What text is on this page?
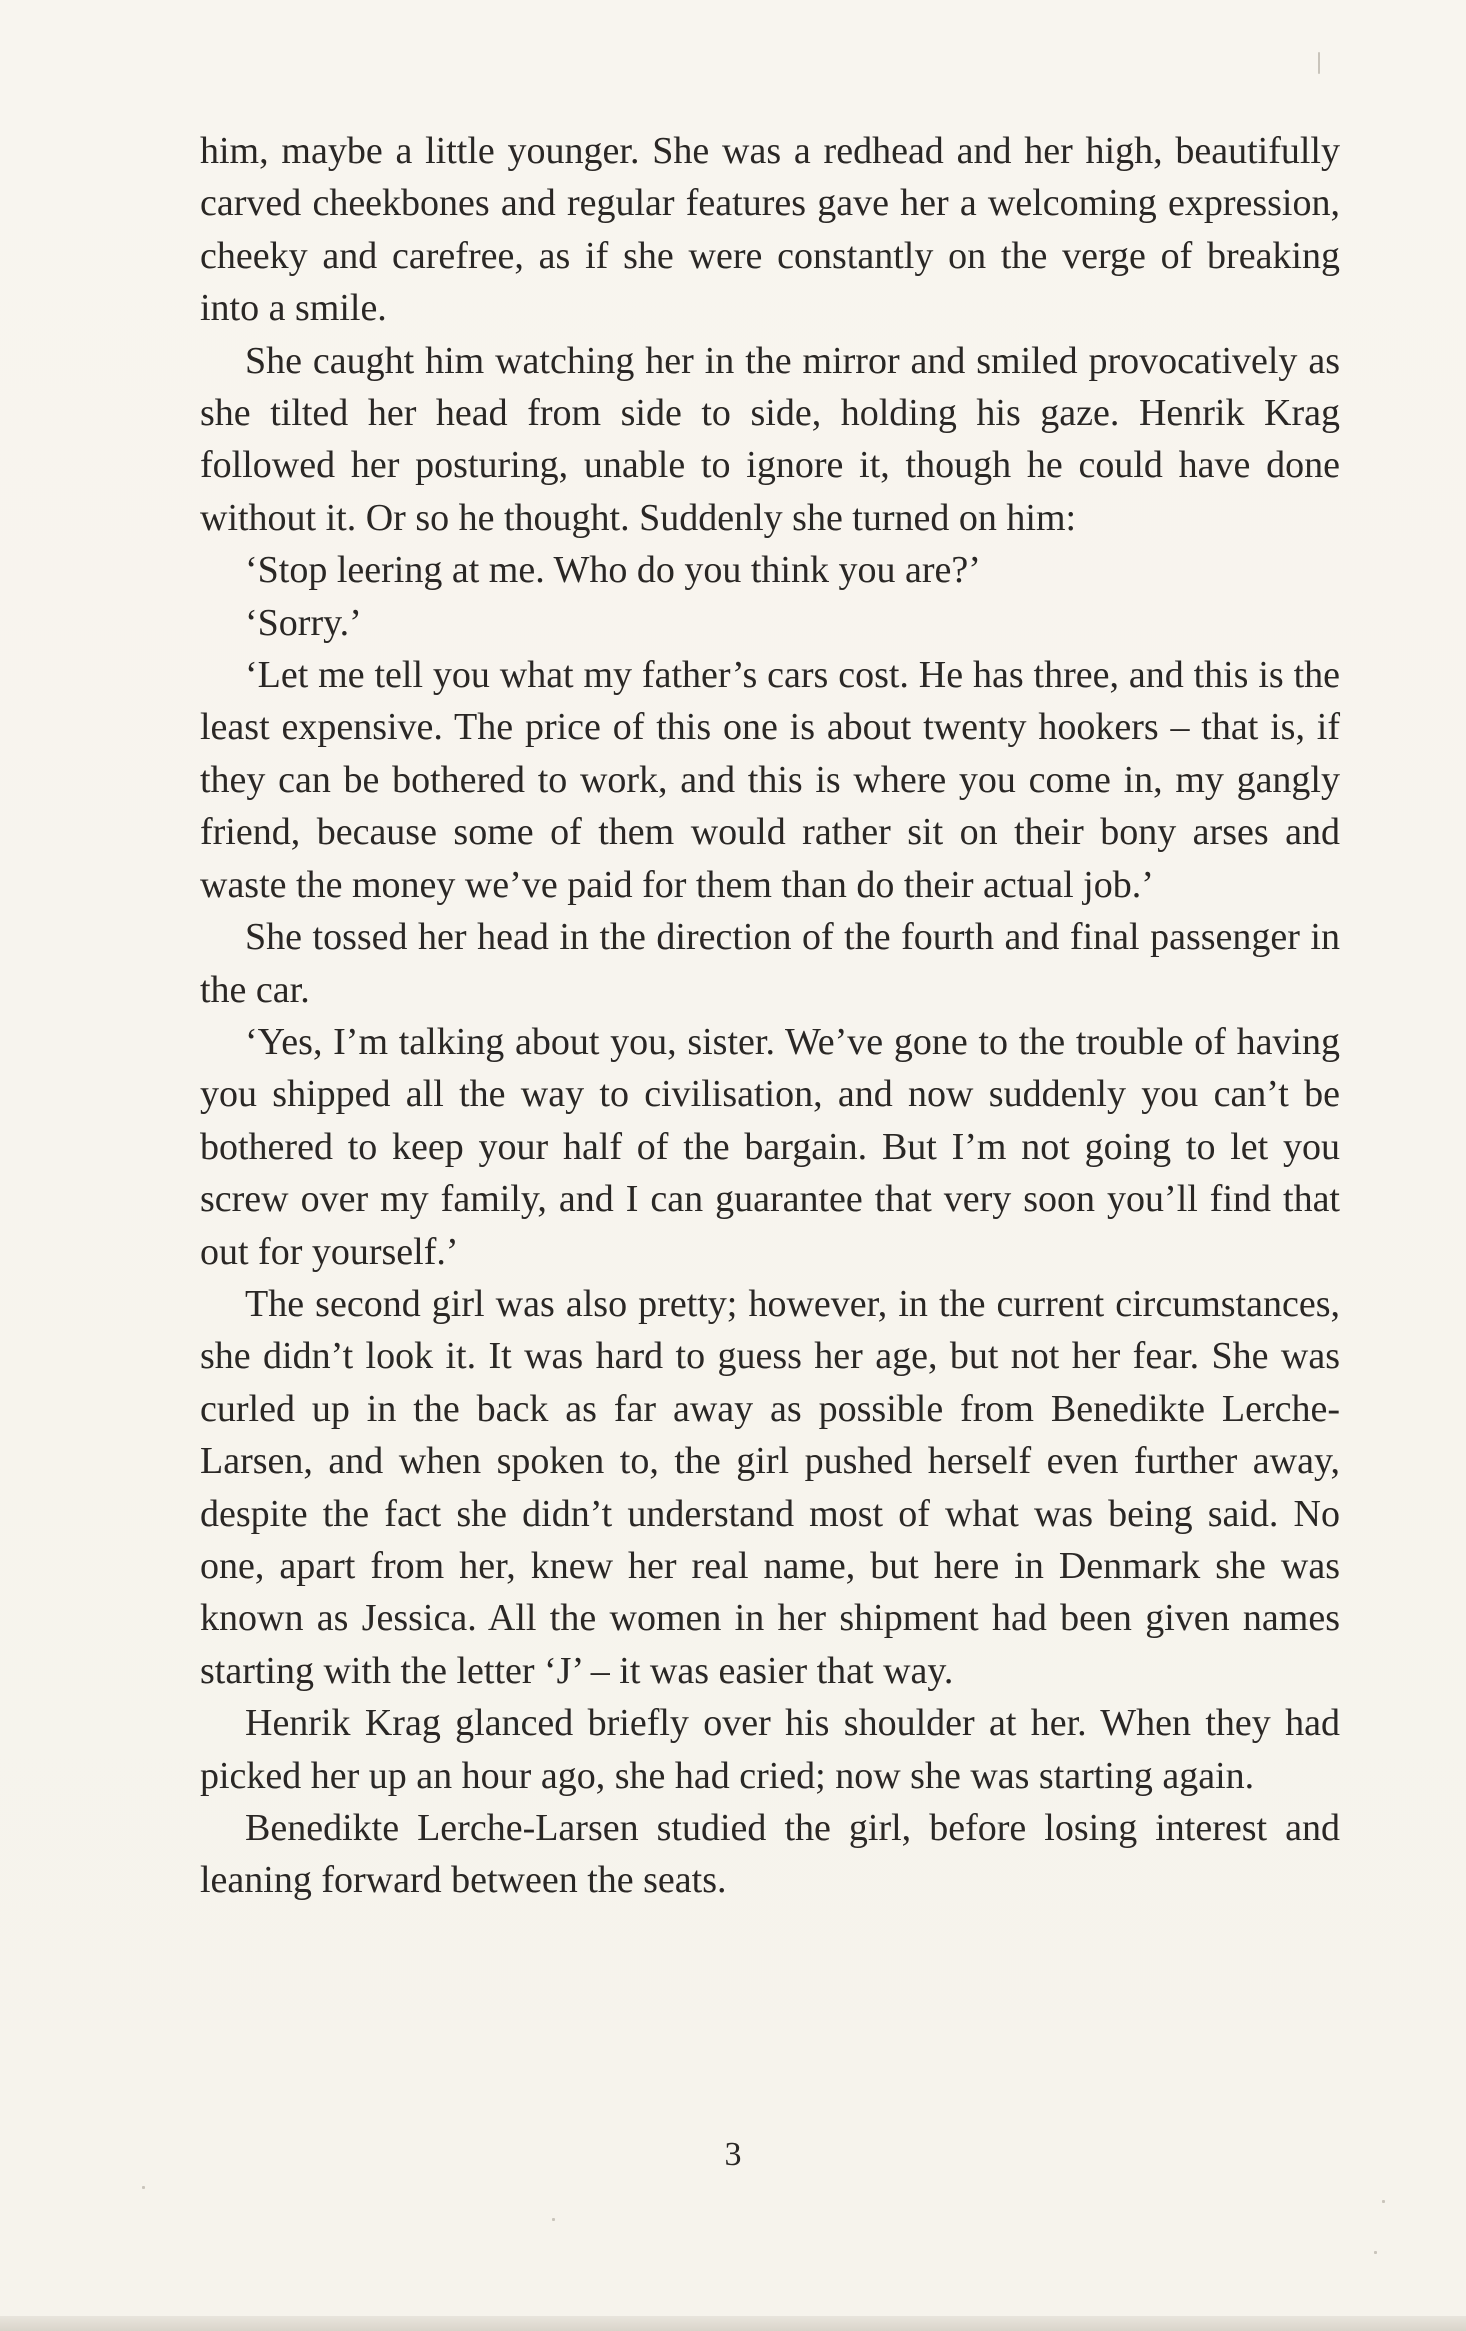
him, maybe a little younger. She was a redhead and her high, beautifully carved cheekbones and regular features gave her a welcoming expression, cheeky and carefree, as if she were constantly on the verge of breaking into a smile.

She caught him watching her in the mirror and smiled provocatively as she tilted her head from side to side, holding his gaze. Henrik Krag followed her posturing, unable to ignore it, though he could have done without it. Or so he thought. Suddenly she turned on him:

‘Stop leering at me. Who do you think you are?’

‘Sorry.’

‘Let me tell you what my father’s cars cost. He has three, and this is the least expensive. The price of this one is about twenty hookers – that is, if they can be bothered to work, and this is where you come in, my gangly friend, because some of them would rather sit on their bony arses and waste the money we’ve paid for them than do their actual job.’

She tossed her head in the direction of the fourth and final passenger in the car.

‘Yes, I’m talking about you, sister. We’ve gone to the trouble of having you shipped all the way to civilisation, and now suddenly you can’t be bothered to keep your half of the bargain. But I’m not going to let you screw over my family, and I can guarantee that very soon you’ll find that out for yourself.’

The second girl was also pretty; however, in the current circumstances, she didn’t look it. It was hard to guess her age, but not her fear. She was curled up in the back as far away as possible from Benedikte Lerche-Larsen, and when spoken to, the girl pushed herself even further away, despite the fact she didn’t understand most of what was being said. No one, apart from her, knew her real name, but here in Denmark she was known as Jessica. All the women in her shipment had been given names starting with the letter ‘J’ – it was easier that way.

Henrik Krag glanced briefly over his shoulder at her. When they had picked her up an hour ago, she had cried; now she was starting again.

Benedikte Lerche-Larsen studied the girl, before losing interest and leaning forward between the seats.

3
